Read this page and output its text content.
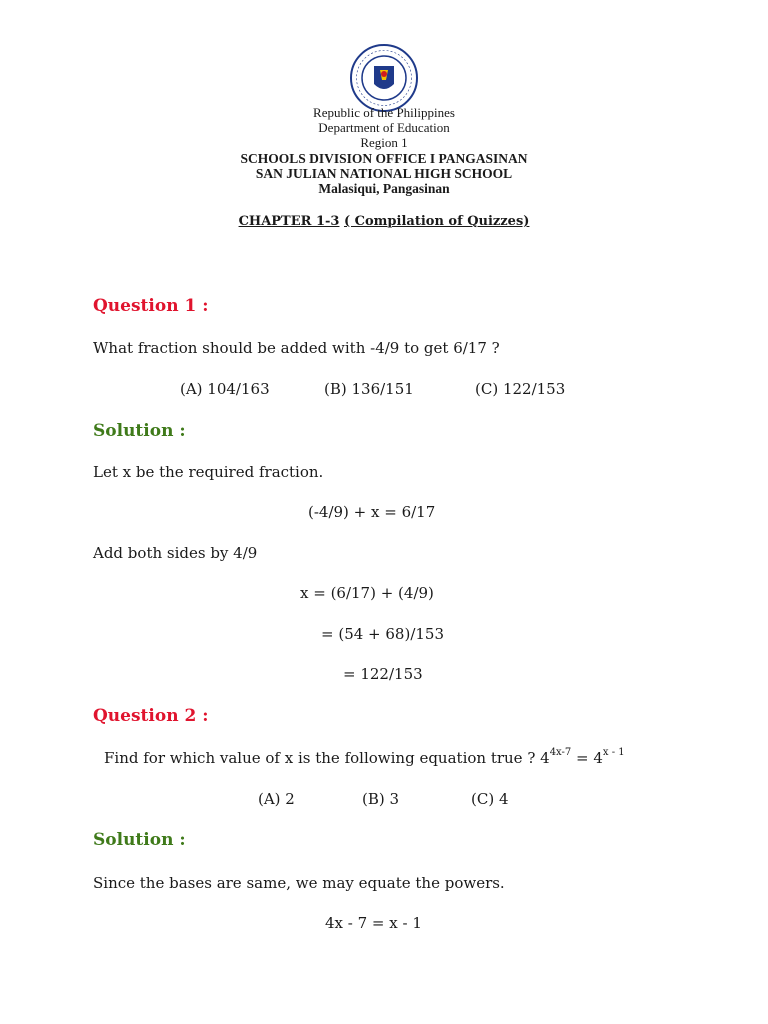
Republic of the Philippines
Department of Education
Region 1
SCHOOLS DIVISION OFFICE I PANGASINAN
SAN JULIAN NATIONAL HIGH SCHOOL
Malasiqui, Pangasinan
CHAPTER 1-3 ( Compilation of Quizzes)
Question 1 :
What fraction should be added with -4/9 to get 6/17 ?
(A) 104/163	(B) 136/151	(C) 122/153
Solution :
Let x be the required fraction.
(-4/9) + x = 6/17
Add both sides by 4/9
x = (6/17) + (4/9)
= (54 + 68)/153
= 122/153
Question 2 :
Find for which value of x is the following equation true ? $4^{4x-7} = 4^{x - 1}$
(A) 2	(B) 3	(C) 4
Solution :
Since the bases are same, we may equate the powers.
4x - 7 = x - 1
